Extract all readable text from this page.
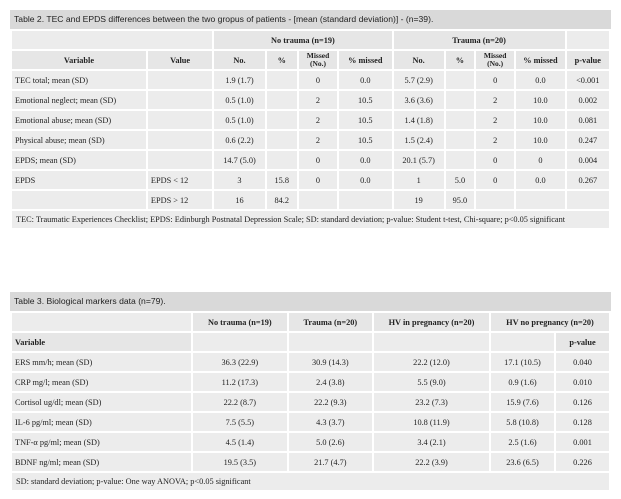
Table 2. TEC and EPDS differences between the two gropus of patients - [mean (standard deviation)] - (n=39).
		No trauma (n=19)				Trauma (n=20)				
Variable	Value	No.	%	Missed (No.)	% missed	No.	%	Missed (No.)	% missed	p-value
TEC total; mean (SD)		1.9 (1.7)		0	0.0	5.7 (2.9)		0	0.0	<0.001
Emotional neglect; mean (SD)		0.5 (1.0)		2	10.5	3.6 (3.6)		2	10.0	0.002
Emotional abuse; mean (SD)		0.5 (1.0)		2	10.5	1.4 (1.8)		2	10.0	0.081
Physical abuse; mean (SD)		0.6 (2.2)		2	10.5	1.5 (2.4)		2	10.0	0.247
EPDS; mean (SD)		14.7 (5.0)		0	0.0	20.1 (5.7)		0	0	0.004
EPDS	EPDS < 12	3	15.8	0	0.0	1	5.0	0	0.0	0.267
	EPDS > 12	16	84.2			19	95.0			
TEC: Traumatic Experiences Checklist; EPDS: Edinburgh Postnatal Depression Scale; SD: standard deviation; p-value: Student t-test, Chi-square; p<0.05 significant
Table 3. Biological markers data (n=79).
	No trauma (n=19)	Trauma (n=20)	HV in pregnancy (n=20)	HV no pregnancy (n=20)	
Variable					p-value
ERS mm/h; mean (SD)	36.3 (22.9)	30.9 (14.3)	22.2 (12.0)	17.1 (10.5)	0.040
CRP mg/l; mean (SD)	11.2 (17.3)	2.4 (3.8)	5.5 (9.0)	0.9 (1.6)	0.010
Cortisol ug/dl; mean (SD)	22.2 (8.7)	22.2 (9.3)	23.2 (7.3)	15.9 (7.6)	0.126
IL-6 pg/ml; mean (SD)	7.5 (5.5)	4.3 (3.7)	10.8 (11.9)	5.8 (10.8)	0.128
TNF-α pg/ml; mean (SD)	4.5 (1.4)	5.0 (2.6)	3.4 (2.1)	2.5 (1.6)	0.001
BDNF ng/ml; mean (SD)	19.5 (3.5)	21.7 (4.7)	22.2 (3.9)	23.6 (6.5)	0.226
SD: standard deviation; p-value: One way ANOVA; p<0.05 significant
